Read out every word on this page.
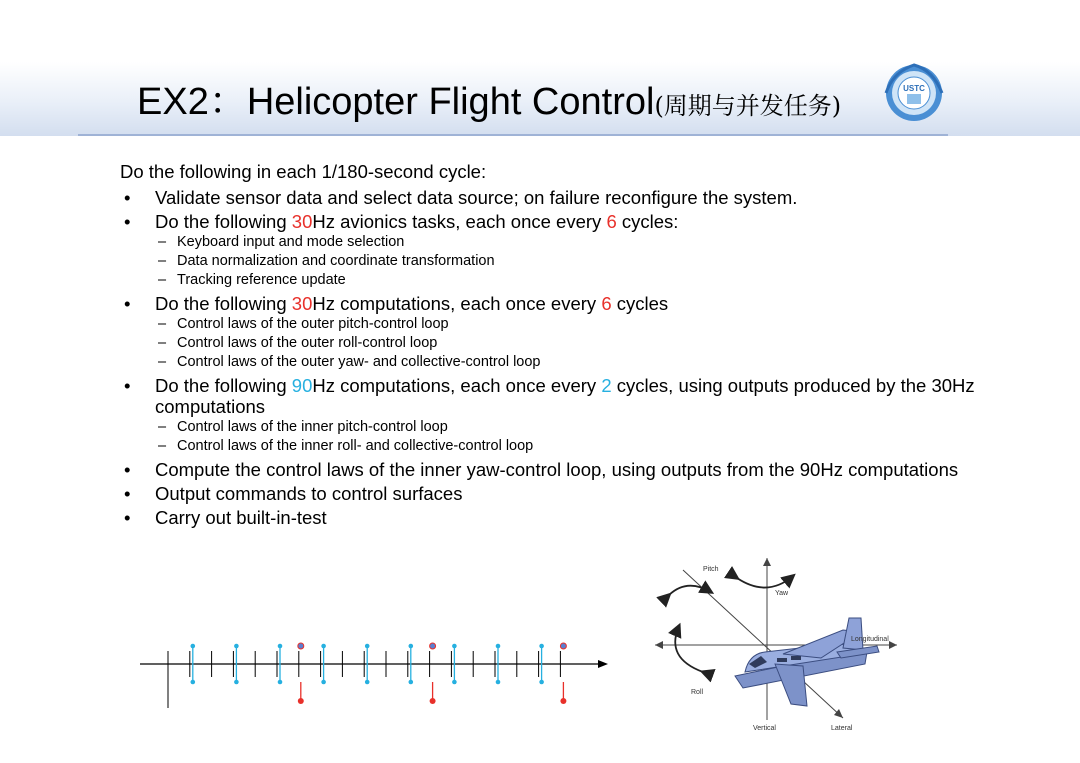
EX2：Helicopter Flight Control(周期与并发任务)
USTC
Do the following in each 1/180-second cycle:
• Validate sensor data and select data source; on failure reconfigure the system.
• Do the following 30Hz avionics tasks, each once every 6 cycles:
– Keyboard input and mode selection
– Data normalization and coordinate transformation
– Tracking reference update
• Do the following 30Hz computations, each once every 6 cycles
– Control laws of the outer pitch-control loop
– Control laws of the outer roll-control loop
– Control laws of the outer yaw- and collective-control loop
• Do the following 90Hz computations, each once every 2 cycles, using outputs produced by the 30Hz computations
– Control laws of the inner pitch-control loop
– Control laws of the inner roll- and collective-control loop
• Compute the control laws of the inner yaw-control loop, using outputs from the 90Hz computations
• Output commands to control surfaces
• Carry out built-in-test
Pitch
Yaw
Roll
Longitudinal
Vertical	Lateral
